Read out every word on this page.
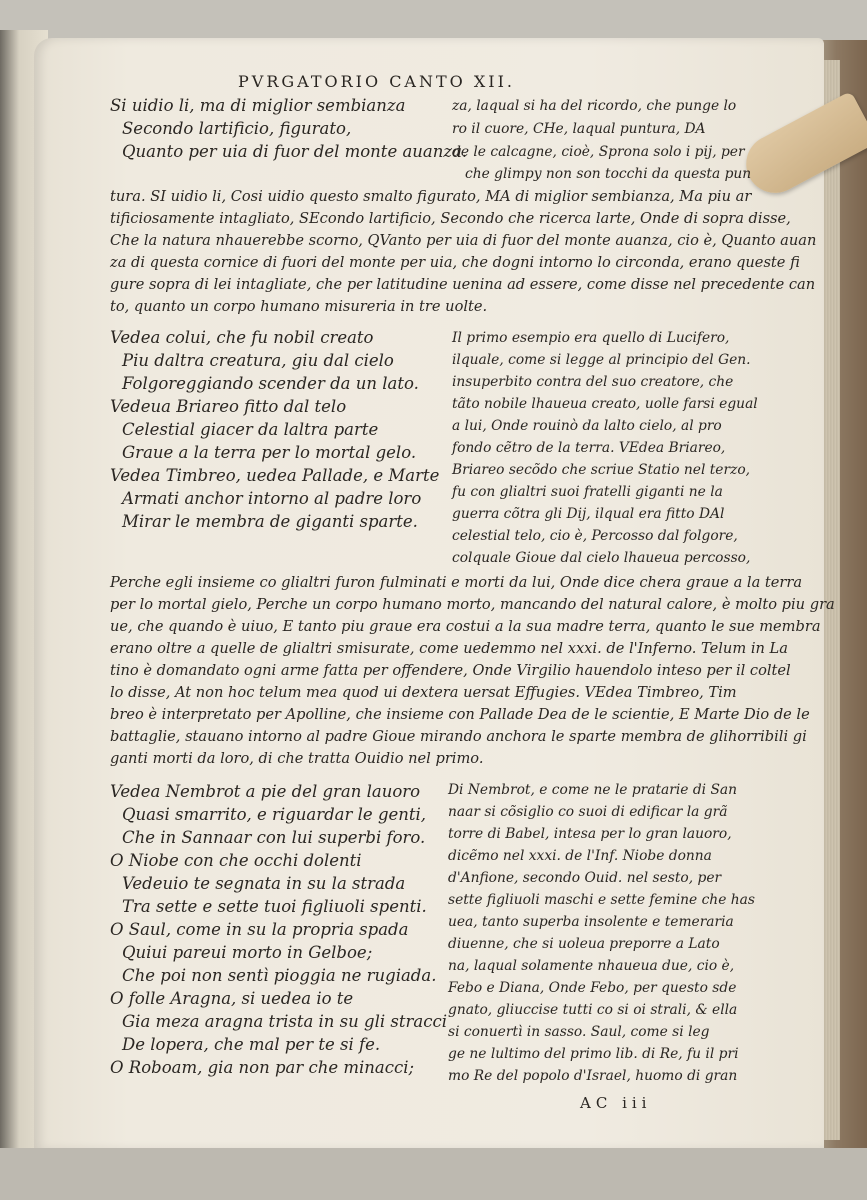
PVRGATORIO CANTO XII.
Si uidio li, ma di miglior sembianza
Secondo lartificio, figurato,
Quanto per uia di fuor del monte auanza.
za, laqual si ha del ricordo, che punge lo
ro il cuore, CHe, laqual puntura, DA
de le calcagne, cioè, Sprona solo i pij, per
che glimpy non son tocchi da questa pun
tura. SI uidio li, Cosi uidio questo smalto figurato, MA di miglior sembianza, Ma piu ar
tificiosamente intagliato, SEcondo lartificio, Secondo che ricerca larte, Onde di sopra disse,
Che la natura nhauerebbe scorno, QVanto per uia di fuor del monte auanza, cio è, Quanto auan
za di questa cornice di fuori del monte per uia, che dogni intorno lo circonda, erano queste fi
gure sopra di lei intagliate, che per latitudine uenina ad essere, come disse nel precedente can
to, quanto un corpo humano misureria in tre uolte.
Vedea colui, che fu nobil creato
Piu daltra creatura, giu dal cielo
Folgoreggiando scender da un lato.
Vedeua Briareo fitto dal telo
Celestial giacer da laltra parte
Graue a la terra per lo mortal gelo.
Vedea Timbreo, uedea Pallade, e Marte
Armati anchor intorno al padre loro
Mirar le membra de giganti sparte.
Il primo esempio era quello di Lucifero,
ilquale, come si legge al principio del Gen.
insuperbito contra del suo creatore, che
tãto nobile lhaueua creato, uolle farsi egual
a lui, Onde rouinò da lalto cielo, al pro
fondo cẽtro de la terra. VEdea Briareo,
Briareo secõdo che scriue Statio nel terzo,
fu con glialtri suoi fratelli giganti ne la
guerra cõtra gli Dij, ilqual era fitto DAl
celestial telo, cio è, Percosso dal folgore,
colquale Gioue dal cielo lhaueua percosso,
Perche egli insieme co glialtri furon fulminati e morti da lui, Onde dice chera graue a la terra
per lo mortal gielo, Perche un corpo humano morto, mancando del natural calore, è molto piu gra
ue, che quando è uiuo, E tanto piu graue era costui a la sua madre terra, quanto le sue membra
erano oltre a quelle de glialtri smisurate, come uedemmo nel xxxi. de l'Inferno. Telum in La
tino è domandato ogni arme fatta per offendere, Onde Virgilio hauendolo inteso per il coltel
lo disse, At non hoc telum mea quod ui dextera uersat Effugies. VEdea Timbreo, Tim
breo è interpretato per Apolline, che insieme con Pallade Dea de le scientie, E Marte Dio de le
battaglie, stauano intorno al padre Gioue mirando anchora le sparte membra de glihorribili gi
ganti morti da loro, di che tratta Ouidio nel primo.
Vedea Nembrot a pie del gran lauoro
Quasi smarrito, e riguardar le genti,
Che in Sannaar con lui superbi foro.
O Niobe con che occhi dolenti
Vedeuio te segnata in su la strada
Tra sette e sette tuoi figliuoli spenti.
O Saul, come in su la propria spada
Quiui pareui morto in Gelboe;
Che poi non sentì pioggia ne rugiada.
O folle Aragna, si uedea io te
Gia meza aragna trista in su gli stracci
De lopera, che mal per te si fe.
O Roboam, gia non par che minacci;
Di Nembrot, e come ne le pratarie di San
naar si cõsiglio co suoi di edificar la grã
torre di Babel, intesa per lo gran lauoro,
dicẽmo nel xxxi. de l'Inf. Niobe donna
d'Anfione, secondo Ouid. nel sesto, per
sette figliuoli maschi e sette femine che has
uea, tanto superba insolente e temeraria
diuenne, che si uoleua preporre a Lato
na, laqual solamente nhaueua due, cio è,
Febo e Diana, Onde Febo, per questo sde
gnato, gliuccise tutti co si oi strali, & ella
si conuertì in sasso. Saul, come si leg
ge ne lultimo del primo lib. di Re, fu il pri
mo Re del popolo d'Israel, huomo di gran
AC iii
